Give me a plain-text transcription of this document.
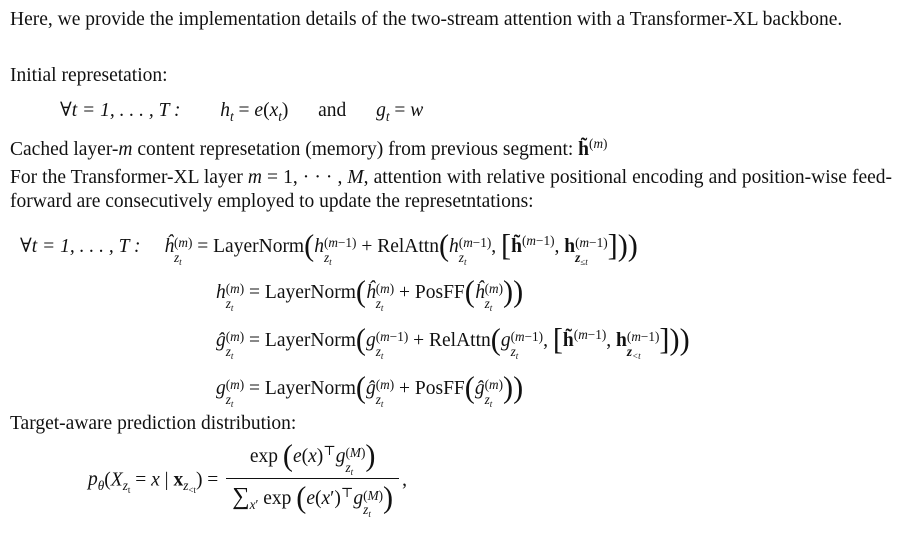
Here, we provide the implementation details of the two-stream attention with a Transformer-XL backbone.

Initial represetation:

∀t = 1, . . . , T : $h_t = e(x_t)$  and $g_t = w$

Cached layer-m content represetation (memory) from previous segment: h̃$^{(m)}$

For the Transformer-XL layer m = 1, · · · , M, attention with relative positional encoding and position-wise feed-forward are consecutively employed to update the represetntations:

∀t = 1, . . . , T : ĥ (m)
$z_t$
= LayerNorm(h (m−1)
$z_t$
+ RelAttn(h (m−1)
$z_t$
, [h̃$^{(m-1)}$, h (m−1)
$z_{\le t}$ ]))
h (m)
$z_t$
= LayerNorm(ĥ (m)
$z_t$
+ PosFF(ĥ (m)
$z_t$ ))
ĝ (m)
$z_t$
= LayerNorm(g (m−1)
$z_t$
+ RelAttn(g (m−1)
$z_t$
, [h̃$^{(m-1)}$, h (m−1)
$z_{<t}$ ]))
g (m)
$z_t$
= LayerNorm(ĝ (m)
$z_t$
+ PosFF(ĝ (m)
$z_t$ ))

Target-aware prediction distribution:

$p_\theta(X_{z_t} = x$ | $x_{z_{<t}}) = \exp (e(x)^⊤g$ (M)
$z_t$ )
$\sum_{x'}$ exp (e(x′)⊤g (M)
$z_t$ ) ,
